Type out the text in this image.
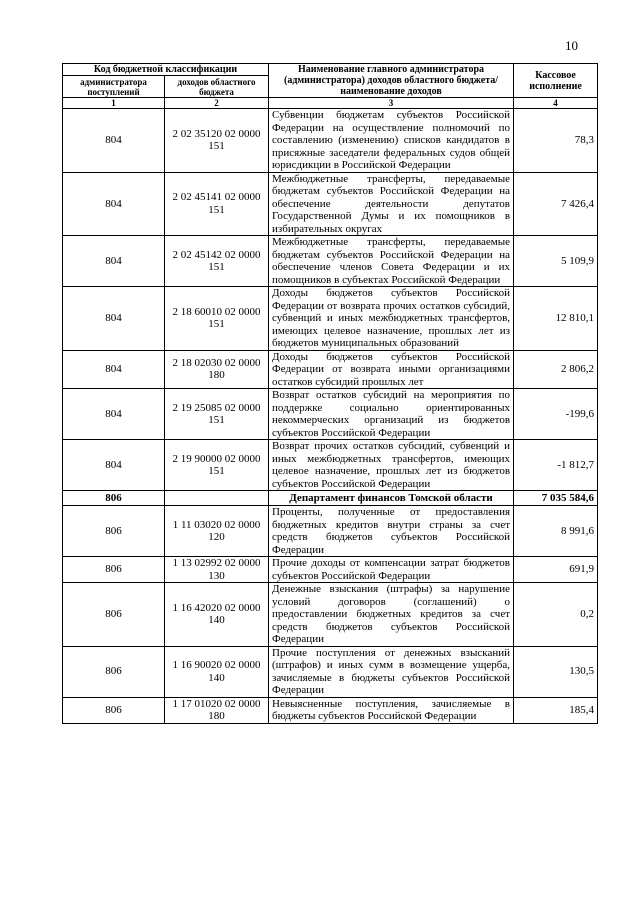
10
Код бюджетной классификации		Наименование главного администратора (администратора) доходов областного бюджета/ наименование доходов	Кассовое исполнение
администратора поступлений	доходов областного бюджета		
1	2	3	4
804	2 02 35120 02 0000 151	Субвенции бюджетам субъектов Российской Федерации на осуществление полномочий по составлению (изменению) списков кандидатов в присяжные заседатели федеральных судов общей юрисдикции в Российской Федерации	78,3
804	2 02 45141 02 0000 151	Межбюджетные трансферты, передаваемые бюджетам субъектов Российской Федерации на обеспечение деятельности депутатов Государственной Думы и их помощников в избирательных округах	7 426,4
804	2 02 45142 02 0000 151	Межбюджетные трансферты, передаваемые бюджетам субъектов Российской Федерации на обеспечение членов Совета Федерации и их помощников в субъектах Российской Федерации	5 109,9
804	2 18 60010 02 0000 151	Доходы бюджетов субъектов Российской Федерации от возврата прочих остатков субсидий, субвенций и иных межбюджетных трансфертов, имеющих целевое назначение, прошлых лет из бюджетов муниципальных образований	12 810,1
804	2 18 02030 02 0000 180	Доходы бюджетов субъектов Российской Федерации от возврата иными организациями остатков субсидий прошлых лет	2 806,2
804	2 19 25085 02 0000 151	Возврат остатков субсидий на мероприятия по поддержке социально ориентированных некоммерческих организаций из бюджетов субъектов Российской Федерации	-199,6
804	2 19 90000 02 0000 151	Возврат прочих остатков субсидий, субвенций и иных межбюджетных трансфертов, имеющих целевое назначение, прошлых лет из бюджетов субъектов Российской Федерации	-1 812,7
806		Департамент финансов Томской области	7 035 584,6
806	1 11 03020 02 0000 120	Проценты, полученные от предоставления бюджетных кредитов внутри страны за счет средств бюджетов субъектов Российской Федерации	8 991,6
806	1 13 02992 02 0000 130	Прочие доходы от компенсации затрат бюджетов субъектов Российской Федерации	691,9
806	1 16 42020 02 0000 140	Денежные взыскания (штрафы) за нарушение условий договоров (соглашений) о предоставлении бюджетных кредитов за счет средств бюджетов субъектов Российской Федерации	0,2
806	1 16 90020 02 0000 140	Прочие поступления от денежных взысканий (штрафов) и иных сумм в возмещение ущерба, зачисляемые в бюджеты субъектов Российской Федерации	130,5
806	1 17 01020 02 0000 180	Невыясненные поступления, зачисляемые в бюджеты субъектов Российской Федерации	185,4
